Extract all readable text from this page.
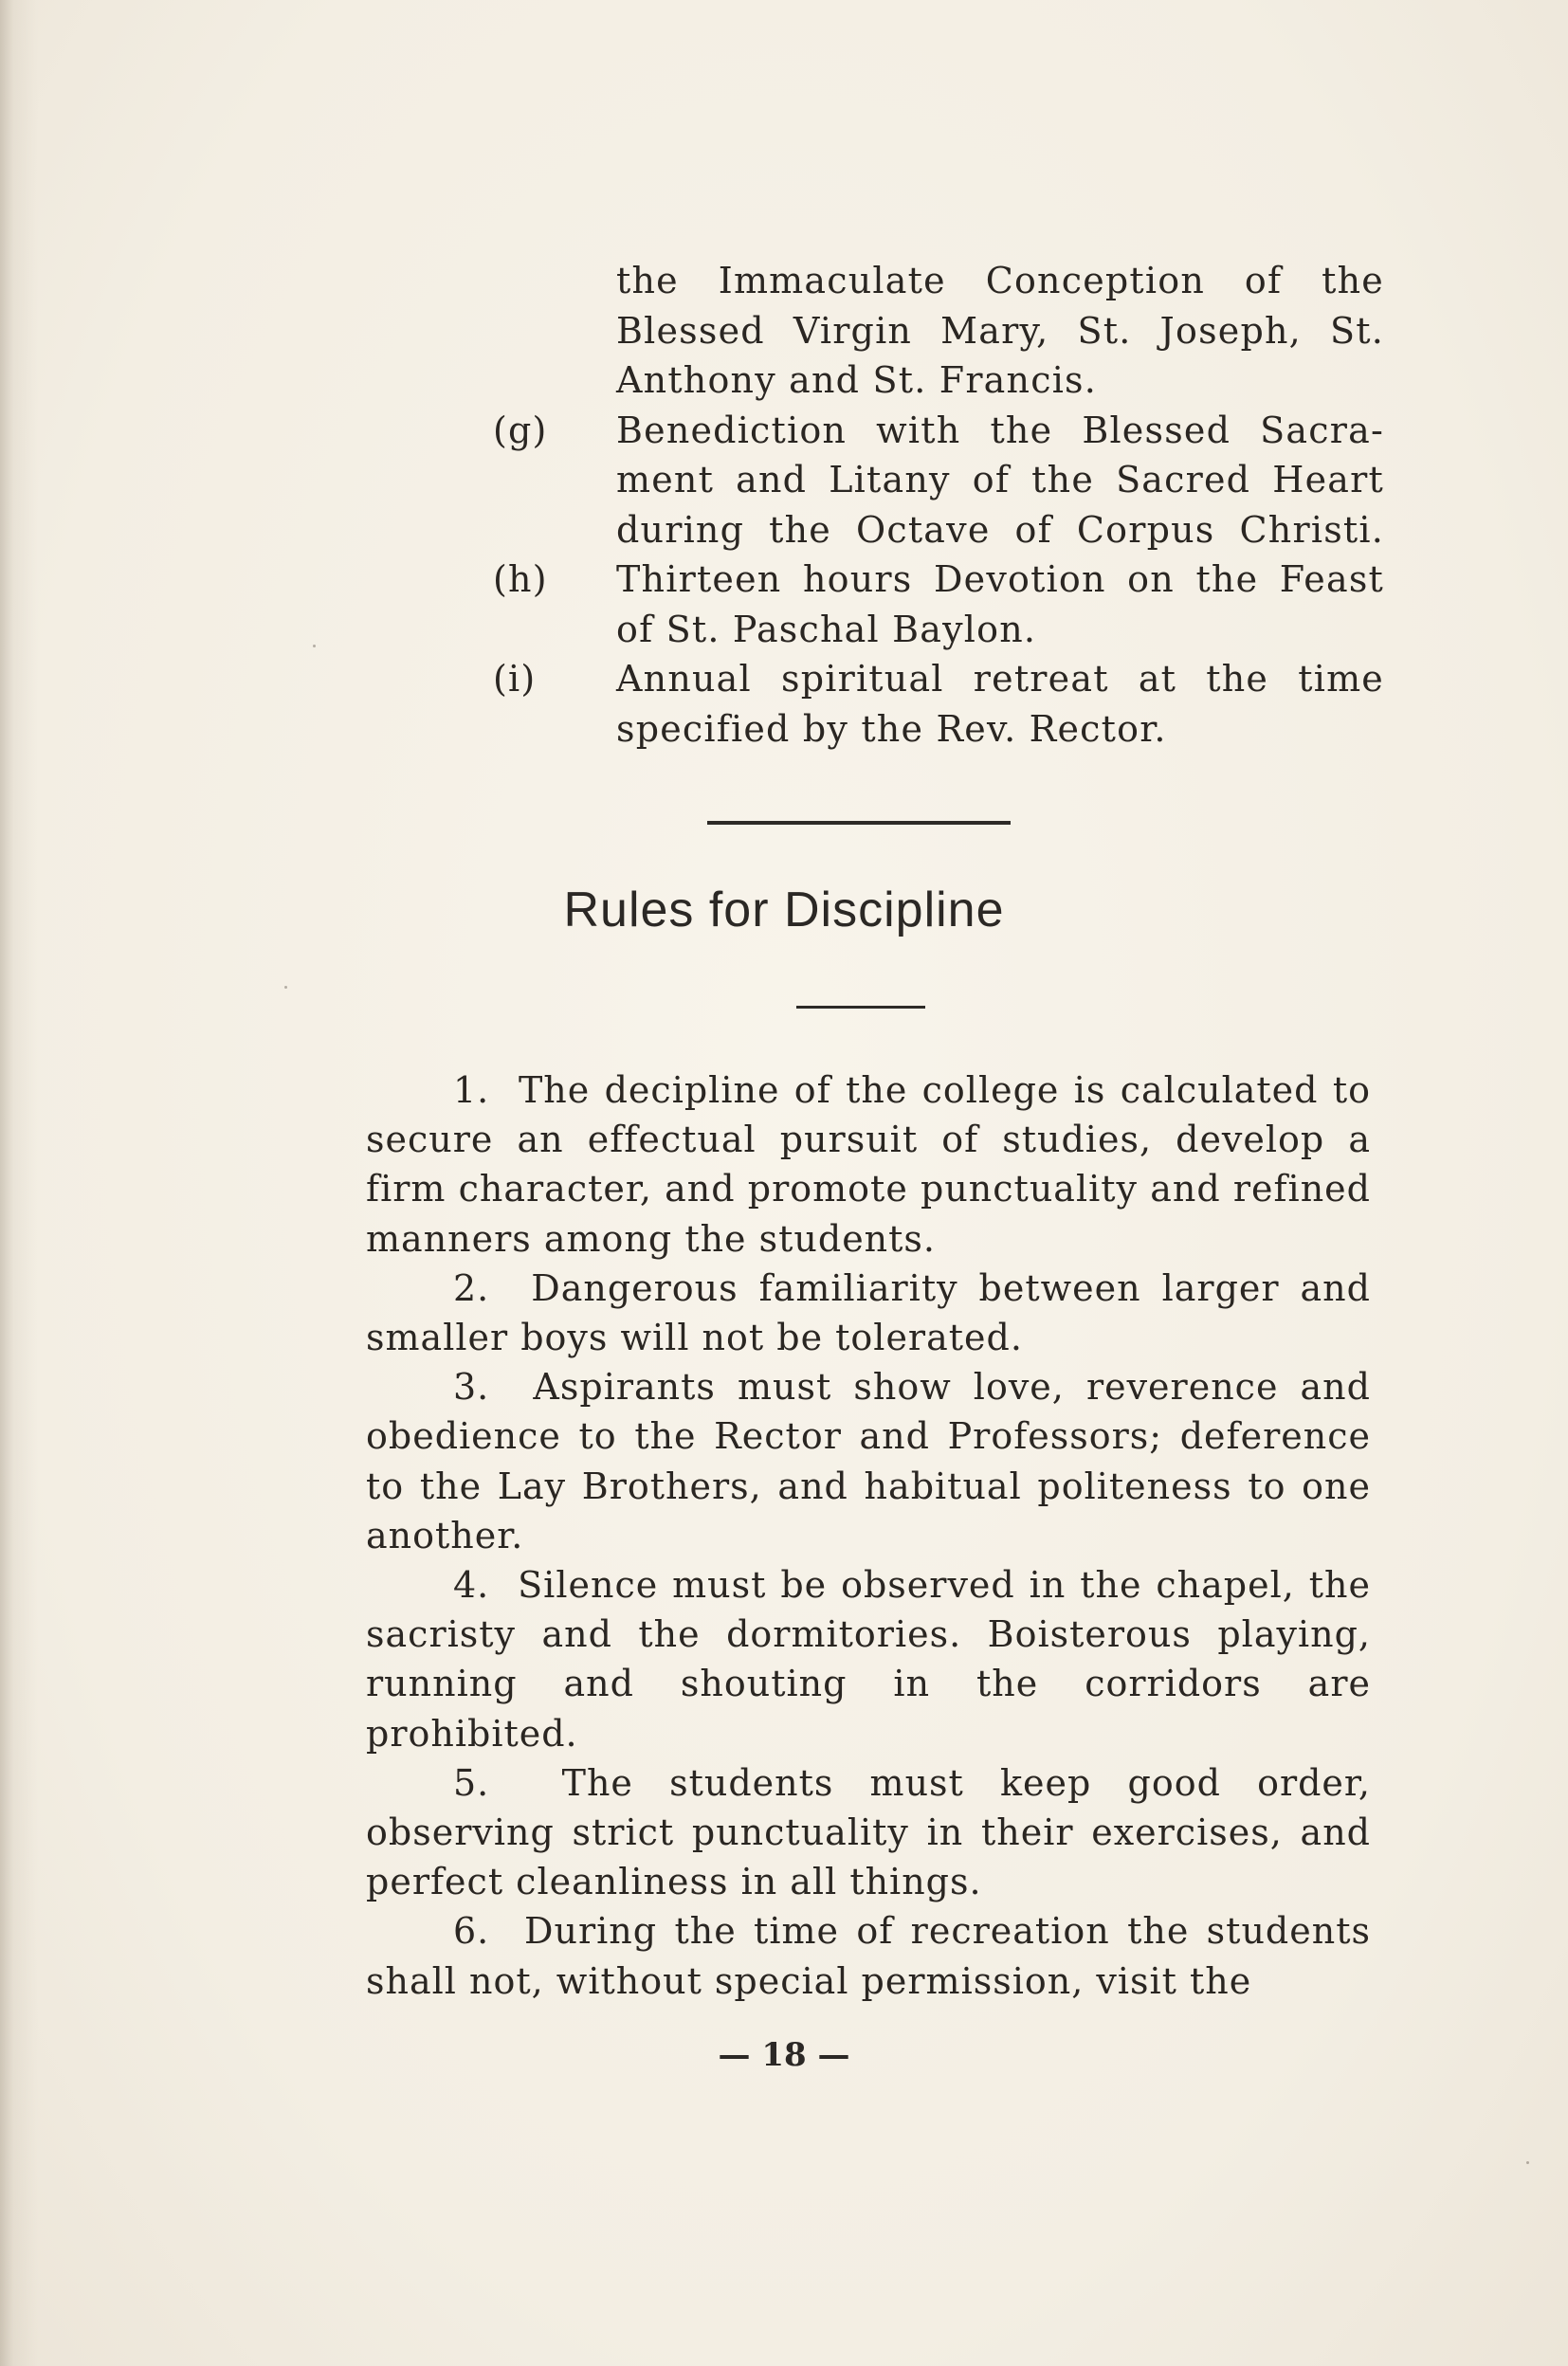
the Immaculate Conception of the
Blessed Virgin Mary, St. Joseph, St.
Anthony and St. Francis.
(g)	Benediction with the Blessed Sacra-
ment and Litany of the Sacred Heart
during the Octave of Corpus Christi.
(h)	Thirteen hours Devotion on the Feast
of St. Paschal Baylon.
(i)	Annual spiritual retreat at the time
specified by the Rev. Rector.
Rules for Discipline

1. The decipline of the college is calculated to secure an effectual pursuit of studies, develop a firm character, and promote punctuality and refined manners among the students.

2. Dangerous familiarity between larger and smaller boys will not be tolerated.

3. Aspirants must show love, reverence and obedience to the Rector and Professors; deference to the Lay Brothers, and habitual politeness to one another.

4. Silence must be observed in the chapel, the sacristy and the dormitories. Boisterous playing, running and shouting in the corridors are prohibited.

5. The students must keep good order, observing strict punctuality in their exercises, and perfect cleanliness in all things.

6. During the time of recreation the students shall not, without special permission, visit the

— 18 —
